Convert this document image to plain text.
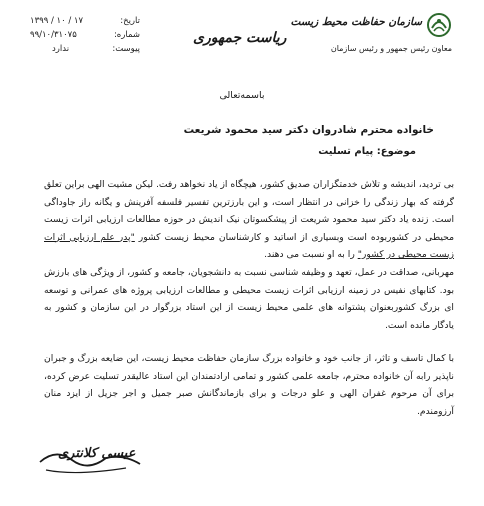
۱۳۹۹ / ۱۰ / ۱۷	تاریخ:
۹۹/۱۰/۳۱۰۷۵	شماره:
ندارد	پیوست:
ریاست جمهوری
سازمان حفاظت محیط زیست
معاون رئیس جمهور و رئیس سازمان
باسمه‌تعالی
خانواده محترم شادروان دکتر سید محمود شریعت
موضوع: پیام تسلیت
بی تردید، اندیشه و تلاش خدمتگزاران صدیق کشور، هیچگاه از یاد نخواهد رفت. لیکن مشیت الهی براین تعلق گرفته که بهار زندگی را خزانی در انتظار است، و این بارزترین تفسیر فلسفه آفرینش و یگانه راز جاوداگی است. زنده یاد دکتر سید محمود شریعت از پیشکسوتان نیک اندیش در حوزه مطالعات ارزیابی اثرات زیست محیطی در کشوربوده است وبسیاری از اساتید و کارشناسان محیط زیست کشور "پدر علم ارزیابی اثرات زیست محیطی در کشور" را به او نسبت می دهند.
مهربانی، صداقت در عمل، تعهد و وظیفه شناسی نسبت به دانشجویان، جامعه و کشور، از ویژگی های بارزش بود. کتابهای نفیس در زمینه ارزیابی اثرات زیست محیطی و مطالعات ارزیابی پروژه های عمرانی و توسعه ای بزرگ کشوربعنوان پشتوانه های علمی محیط زیست از این استاد بزرگوار در این سازمان و کشور به یادگار مانده است.
با کمال تاسف و تاثر، از جانب خود و خانواده بزرگ سازمان حفاظت محیط زیست، این ضایعه بزرگ و جبران ناپذیر رابه آن خانواده محترم، جامعه علمی کشور و تمامی ارادتمندان این استاد عالیقدر تسلیت عرض کرده، برای آن مرحوم غفران الهی و علو درجات و برای بازماندگانش صبر جمیل و اجر جزیل از ایزد منان آرزومندم.
عیسی کلانتری
